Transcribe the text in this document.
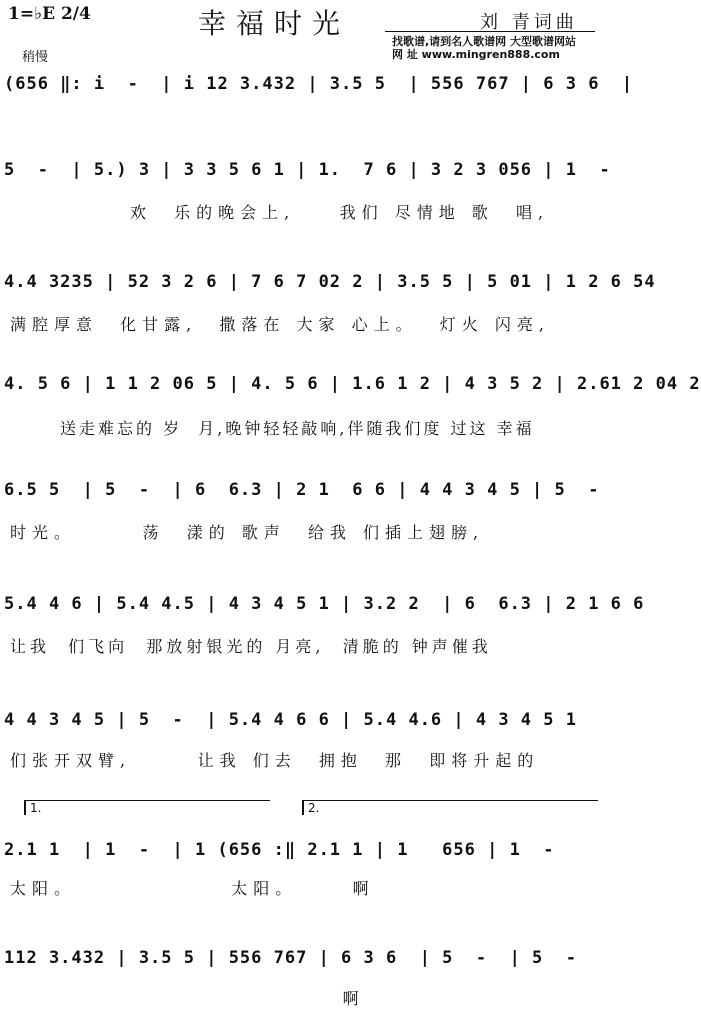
1=♭E 2/4	幸福时光	刘 青词曲
找歌谱,请到名人歌谱网 大型歌谱网站
网 址 www.mingren888.com
稍慢
(656 ‖: i  -  | i 12 3.432 | 3.5 5  | 556 767 | 6 3 6  |
5  -  | 5.) 3 | 3 3 5 6 1 | 1.  7 6 | 3 2 3 056 | 1  -
欢  乐的晚会上,    我们 尽情地 歌  唱,
4.4 3235 | 52 3 2 6 | 7 6 7 02 2 | 3.5 5 | 5 01 | 1 2 6 54
满腔厚意  化甘露,  撒落在 大家 心上。  灯火 闪亮,
4. 5 6 | 1 1 2 06 5 | 4. 5 6 | 1.6 1 2 | 4 3 5 2 | 2.61 2 04 2
送走难忘的 岁  月,晚钟轻轻敲响,伴随我们度 过这 幸福
6.5 5  | 5  -  | 6  6.3 | 2 1  6 6 | 4 4 3 4 5 | 5  -
时光。      荡  漾的 歌声  给我 们插上翅膀,
5.4 4 6 | 5.4 4.5 | 4 3 4 5 1 | 3.2 2  | 6  6.3 | 2 1 6 6
让我  们飞向  那放射银光的 月亮,  清脆的 钟声催我
4 4 3 4 5 | 5  -  | 5.4 4 6 6 | 5.4 4.6 | 4 3 4 5 1
们张开双臂,      让我 们去  拥抱  那  即将升起的
1.	2.
2.1 1  | 1  -  | 1 (656 :‖ 2.1 1 | 1   656 | 1  -
太阳。              太阳。     啊
112 3.432 | 3.5 5 | 556 767 | 6 3 6  | 5  -  | 5  -
啊
